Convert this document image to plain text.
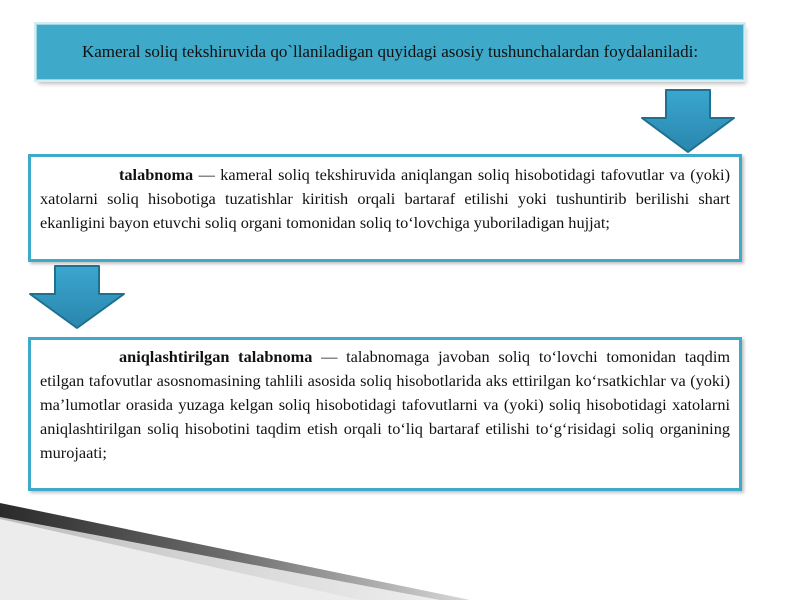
Kameral soliq tekshiruvida qo`llaniladigan quyidagi asosiy tushunchalardan foydalaniladi:

talabnoma — kameral soliq tekshiruvida aniqlangan soliq hisobotidagi tafovutlar va (yoki) xatolarni soliq hisobotiga tuzatishlar kiritish orqali bartaraf etilishi yoki tushuntirib berilishi shart ekanligini bayon etuvchi soliq organi tomonidan soliq to‘lovchiga yuboriladigan hujjat;

aniqlashtirilgan talabnoma — talabnomaga javoban soliq to‘lovchi tomonidan taqdim etilgan tafovutlar asosnomasining tahlili asosida soliq hisobotlarida aks ettirilgan ko‘rsatkichlar va (yoki) ma’lumotlar orasida yuzaga kelgan soliq hisobotidagi tafovutlarni va (yoki) soliq hisobotidagi xatolarni aniqlashtirilgan soliq hisobotini taqdim etish orqali to‘liq bartaraf etilishi to‘g‘risidagi soliq organining murojaati;
